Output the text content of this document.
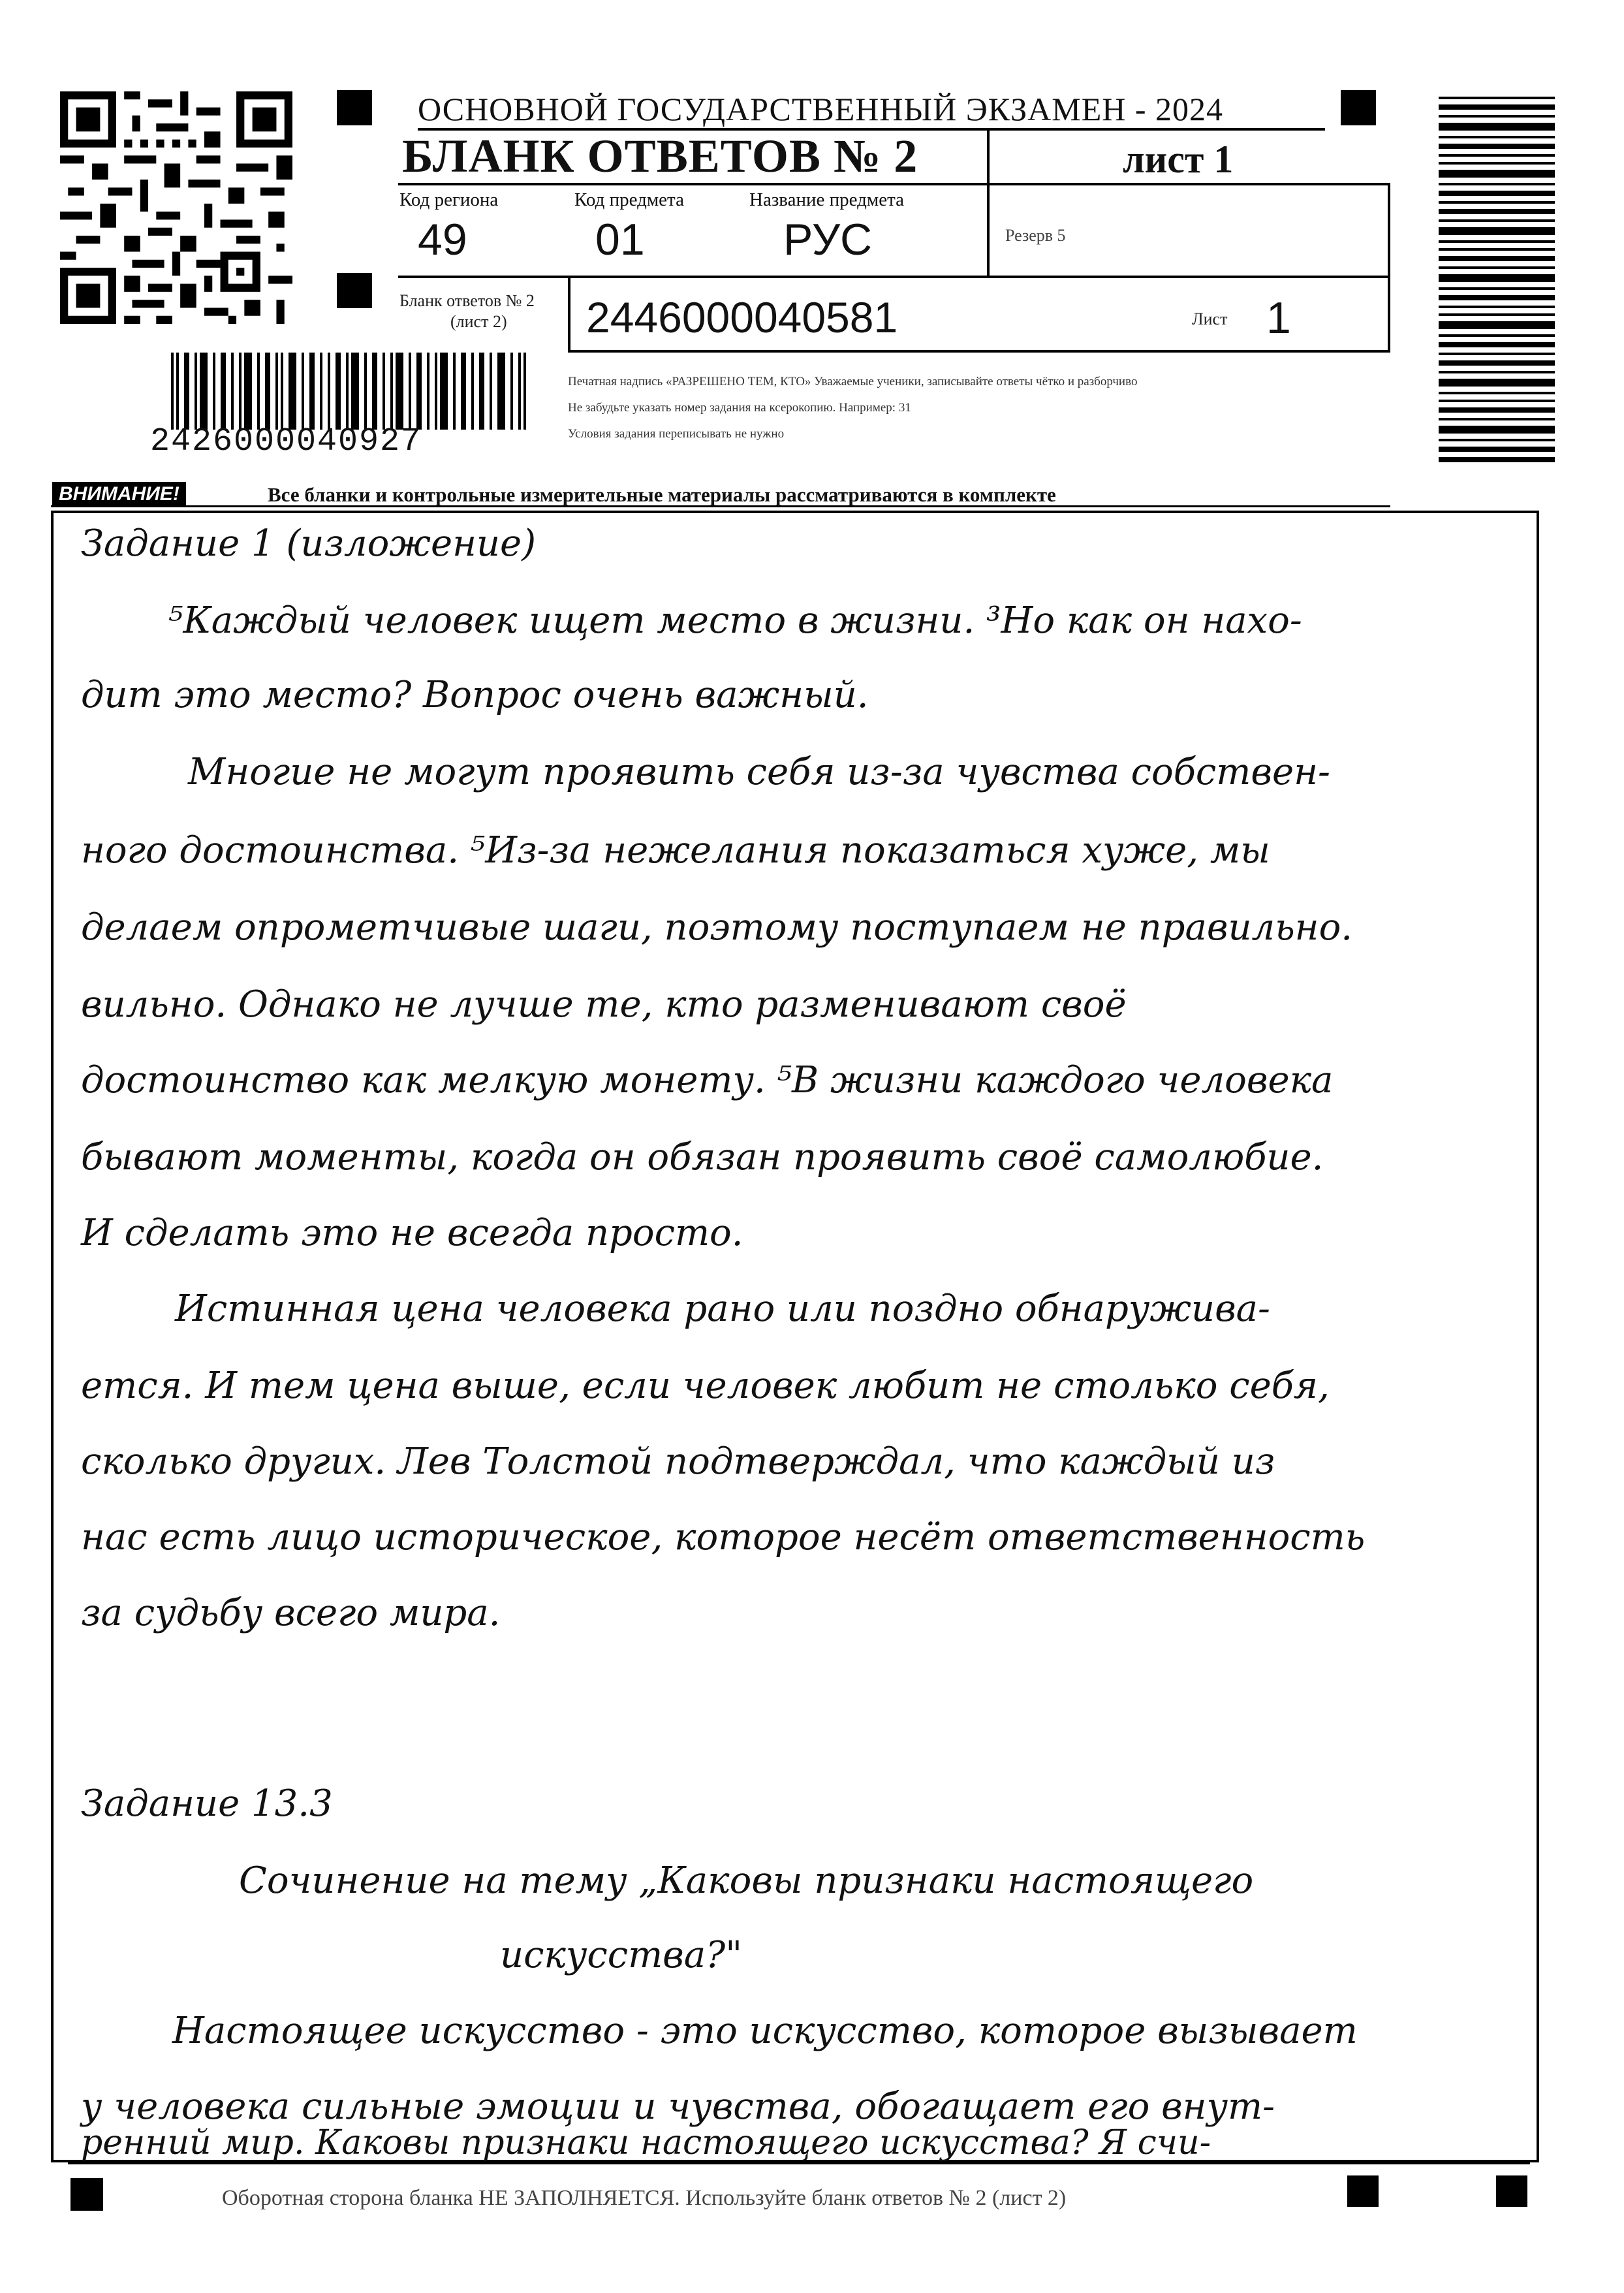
ОСНОВНОЙ ГОСУДАРСТВЕННЫЙ ЭКЗАМЕН - 2024
БЛАНК ОТВЕТОВ № 2	лист 1
Код региона
49
Код предмета
01
Название предмета
РУС	Резерв 5
Бланк ответов № 2
(лист 2) 2446000040581	Лист 1
Печатная надпись «РАЗРЕШЕНО ТЕМ, КТО» Уважаемые ученики, записывайте ответы чётко и разборчиво
Не забудьте указать номер задания на ксерокопию. Например: 31
Условия задания переписывать не нужно
2426000040927
ВНИМАНИЕ!	Все бланки и контрольные измерительные материалы рассматриваются в комплекте
Задание 1 (изложение)
⁵Каждый человек ищет место в жизни. ³Но как он нахо-
дит это место? Вопрос очень важный.
Многие не могут проявить себя из-за чувства собствен-
ного достоинства. ⁵Из-за нежелания показаться хуже, мы
делаем опрометчивые шаги, поэтому поступаем не правильно.
вильно. Однако не лучше те, кто разменивают своё
достоинство как мелкую монету. ⁵В жизни каждого человека
бывают моменты, когда он обязан проявить своё самолюбие.
И сделать это не всегда просто.
Истинная цена человека рано или поздно обнаружива-
ется. И тем цена выше, если человек любит не столько себя,
сколько других. Лев Толстой подтверждал, что каждый из
нас есть лицо историческое, которое несёт ответственность
за судьбу всего мира.
Задание 13.3
Сочинение на тему „Каковы признаки настоящего
искусства?"
Настоящее искусство - это искусство, которое вызывает
у человека сильные эмоции и чувства, обогащает его внут-
ренний мир. Каковы признаки настоящего искусства? Я счи-
Оборотная сторона бланка НЕ ЗАПОЛНЯЕТСЯ. Используйте бланк ответов № 2 (лист 2)
